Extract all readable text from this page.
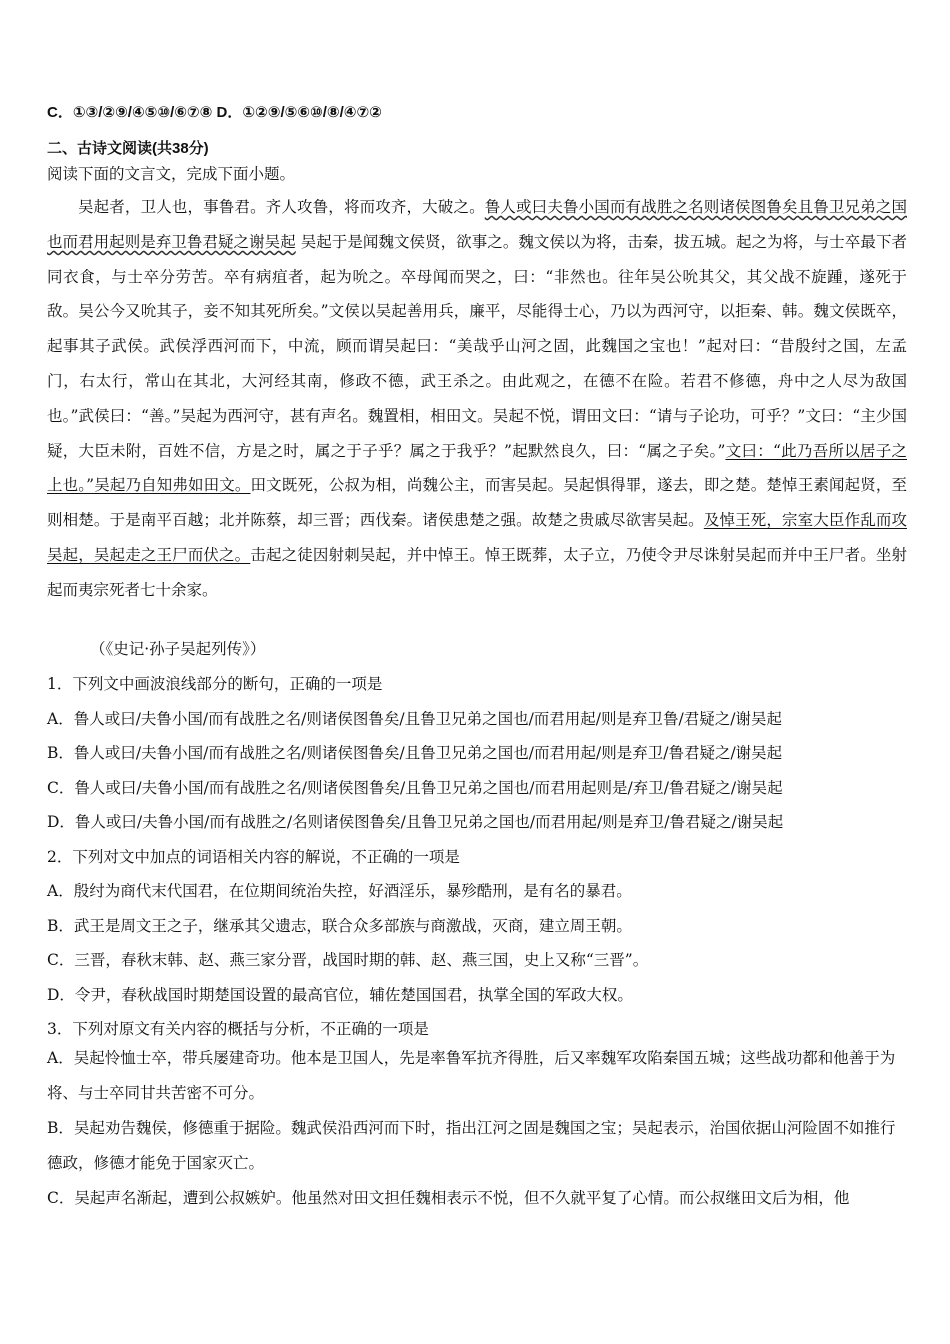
C．①③/②⑨/④⑤⑩/⑥⑦⑧ D．①②⑨/⑤⑥⑩/⑧/④⑦②
二、古诗文阅读(共38分)
阅读下面的文言文，完成下面小题。
吴起者，卫人也，事鲁君。齐人攻鲁，将而攻齐，大破之。鲁人或曰夫鲁小国而有战胜之名则诸侯图鲁矣且鲁卫兄弟之国也而君用起则是弃卫鲁君疑之谢吴起 吴起于是闻魏文侯贤，欲事之。魏文侯以为将，击秦，拔五城。起之为将，与士卒最下者同衣食，与士卒分劳苦。卒有病疽者，起为吮之。卒母闻而哭之，曰：“非然也。往年吴公吮其父，其父战不旋踵，遂死于敌。吴公今又吮其子，妾不知其死所矣。”文侯以吴起善用兵，廉平，尽能得士心，乃以为西河守，以拒秦、韩。魏文侯既卒，起事其子武侯。武侯浮西河而下，中流，顾而谓吴起曰：“美哉乎山河之固，此魏国之宝也！”起对曰：“昔殷纣之国，左孟门，右太行，常山在其北，大河经其南，修政不德，武王杀之。由此观之，在德不在险。若君不修德，舟中之人尽为敌国也。”武侯曰：“善。”吴起为西河守，甚有声名。魏置相，相田文。吴起不悦，谓田文曰：“请与子论功，可乎？”文曰：“主少国疑，大臣未附，百姓不信，方是之时，属之于子乎？属之于我乎？”起默然良久，曰：“属之子矣。”文曰：“此乃吾所以居子之上也。”吴起乃自知弗如田文。田文既死，公叔为相，尚魏公主，而害吴起。吴起惧得罪，遂去，即之楚。楚悼王素闻起贤，至则相楚。于是南平百越；北并陈蔡，却三晋；西伐秦。诸侯患楚之强。故楚之贵戚尽欲害吴起。及悼王死，宗室大臣作乱而攻吴起，吴起走之王尸而伏之。击起之徒因射刺吴起，并中悼王。悼王既葬，太子立，乃使令尹尽诛射吴起而并中王尸者。坐射起而夷宗死者七十余家。
（《史记·孙子吴起列传》）
1．下列文中画波浪线部分的断句，正确的一项是
A．鲁人或曰/夫鲁小国/而有战胜之名/则诸侯图鲁矣/且鲁卫兄弟之国也/而君用起/则是弃卫鲁/君疑之/谢吴起
B．鲁人或曰/夫鲁小国/而有战胜之名/则诸侯图鲁矣/且鲁卫兄弟之国也/而君用起/则是弃卫/鲁君疑之/谢吴起
C．鲁人或曰/夫鲁小国/而有战胜之名/则诸侯图鲁矣/且鲁卫兄弟之国也/而君用起则是/弃卫/鲁君疑之/谢吴起
D．鲁人或曰/夫鲁小国/而有战胜之/名则诸侯图鲁矣/且鲁卫兄弟之国也/而君用起/则是弃卫/鲁君疑之/谢吴起
2．下列对文中加点的词语相关内容的解说，不正确的一项是
A．殷纣为商代末代国君，在位期间统治失控，好酒淫乐，暴殄酷刑，是有名的暴君。
B．武王是周文王之子，继承其父遗志，联合众多部族与商激战，灭商，建立周王朝。
C．三晋，春秋末韩、赵、燕三家分晋，战国时期的韩、赵、燕三国，史上又称“三晋”。
D．令尹，春秋战国时期楚国设置的最高官位，辅佐楚国国君，执掌全国的军政大权。
3．下列对原文有关内容的概括与分析，不正确的一项是
A．吴起怜恤士卒，带兵屡建奇功。他本是卫国人，先是率鲁军抗齐得胜，后又率魏军攻陷秦国五城；这些战功都和他善于为将、与士卒同甘共苦密不可分。
B．吴起劝告魏侯，修德重于据险。魏武侯沿西河而下时，指出江河之固是魏国之宝；吴起表示，治国依据山河险固不如推行德政，修德才能免于国家灭亡。
C．吴起声名渐起，遭到公叔嫉妒。他虽然对田文担任魏相表示不悦，但不久就平复了心情。而公叔继田文后为相，他
